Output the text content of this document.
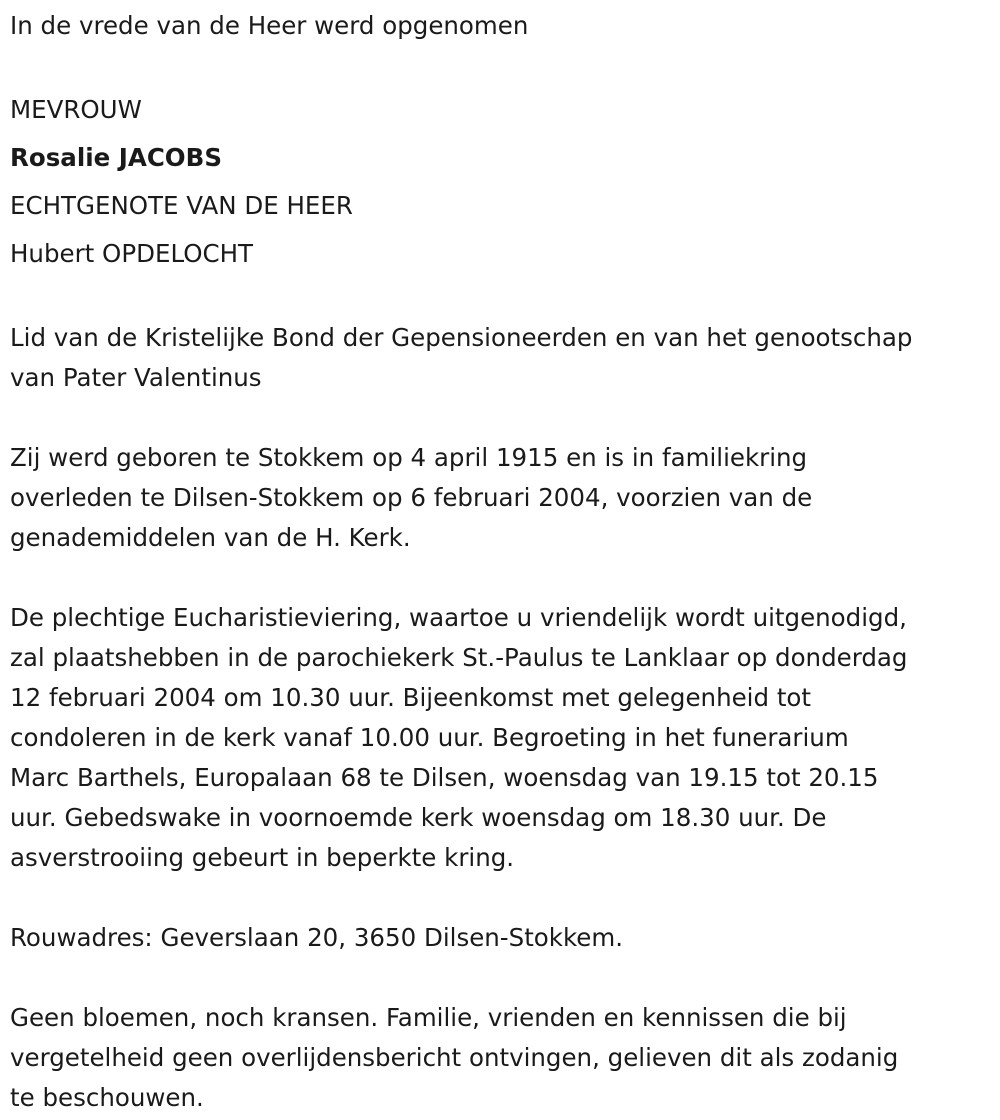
In de vrede van de Heer werd opgenomen
MEVROUW
Rosalie JACOBS
ECHTGENOTE VAN DE HEER
Hubert OPDELOCHT
Lid van de Kristelijke Bond der Gepensioneerden en van het genootschap
van Pater Valentinus
Zij werd geboren te Stokkem op 4 april 1915 en is in familiekring
overleden te Dilsen-Stokkem op 6 februari 2004, voorzien van de
genademiddelen van de H. Kerk.
De plechtige Eucharistieviering, waartoe u vriendelijk wordt uitgenodigd,
zal plaatshebben in de parochiekerk St.-Paulus te Lanklaar op donderdag
12 februari 2004 om 10.30 uur. Bijeenkomst met gelegenheid tot
condoleren in de kerk vanaf 10.00 uur. Begroeting in het funerarium
Marc Barthels, Europalaan 68 te Dilsen, woensdag van 19.15 tot 20.15
uur. Gebedswake in voornoemde kerk woensdag om 18.30 uur. De
asverstrooiing gebeurt in beperkte kring.
Rouwadres: Geverslaan 20, 3650 Dilsen-Stokkem.
Geen bloemen, noch kransen. Familie, vrienden en kennissen die bij
vergetelheid geen overlijdensbericht ontvingen, gelieven dit als zodanig
te beschouwen.
